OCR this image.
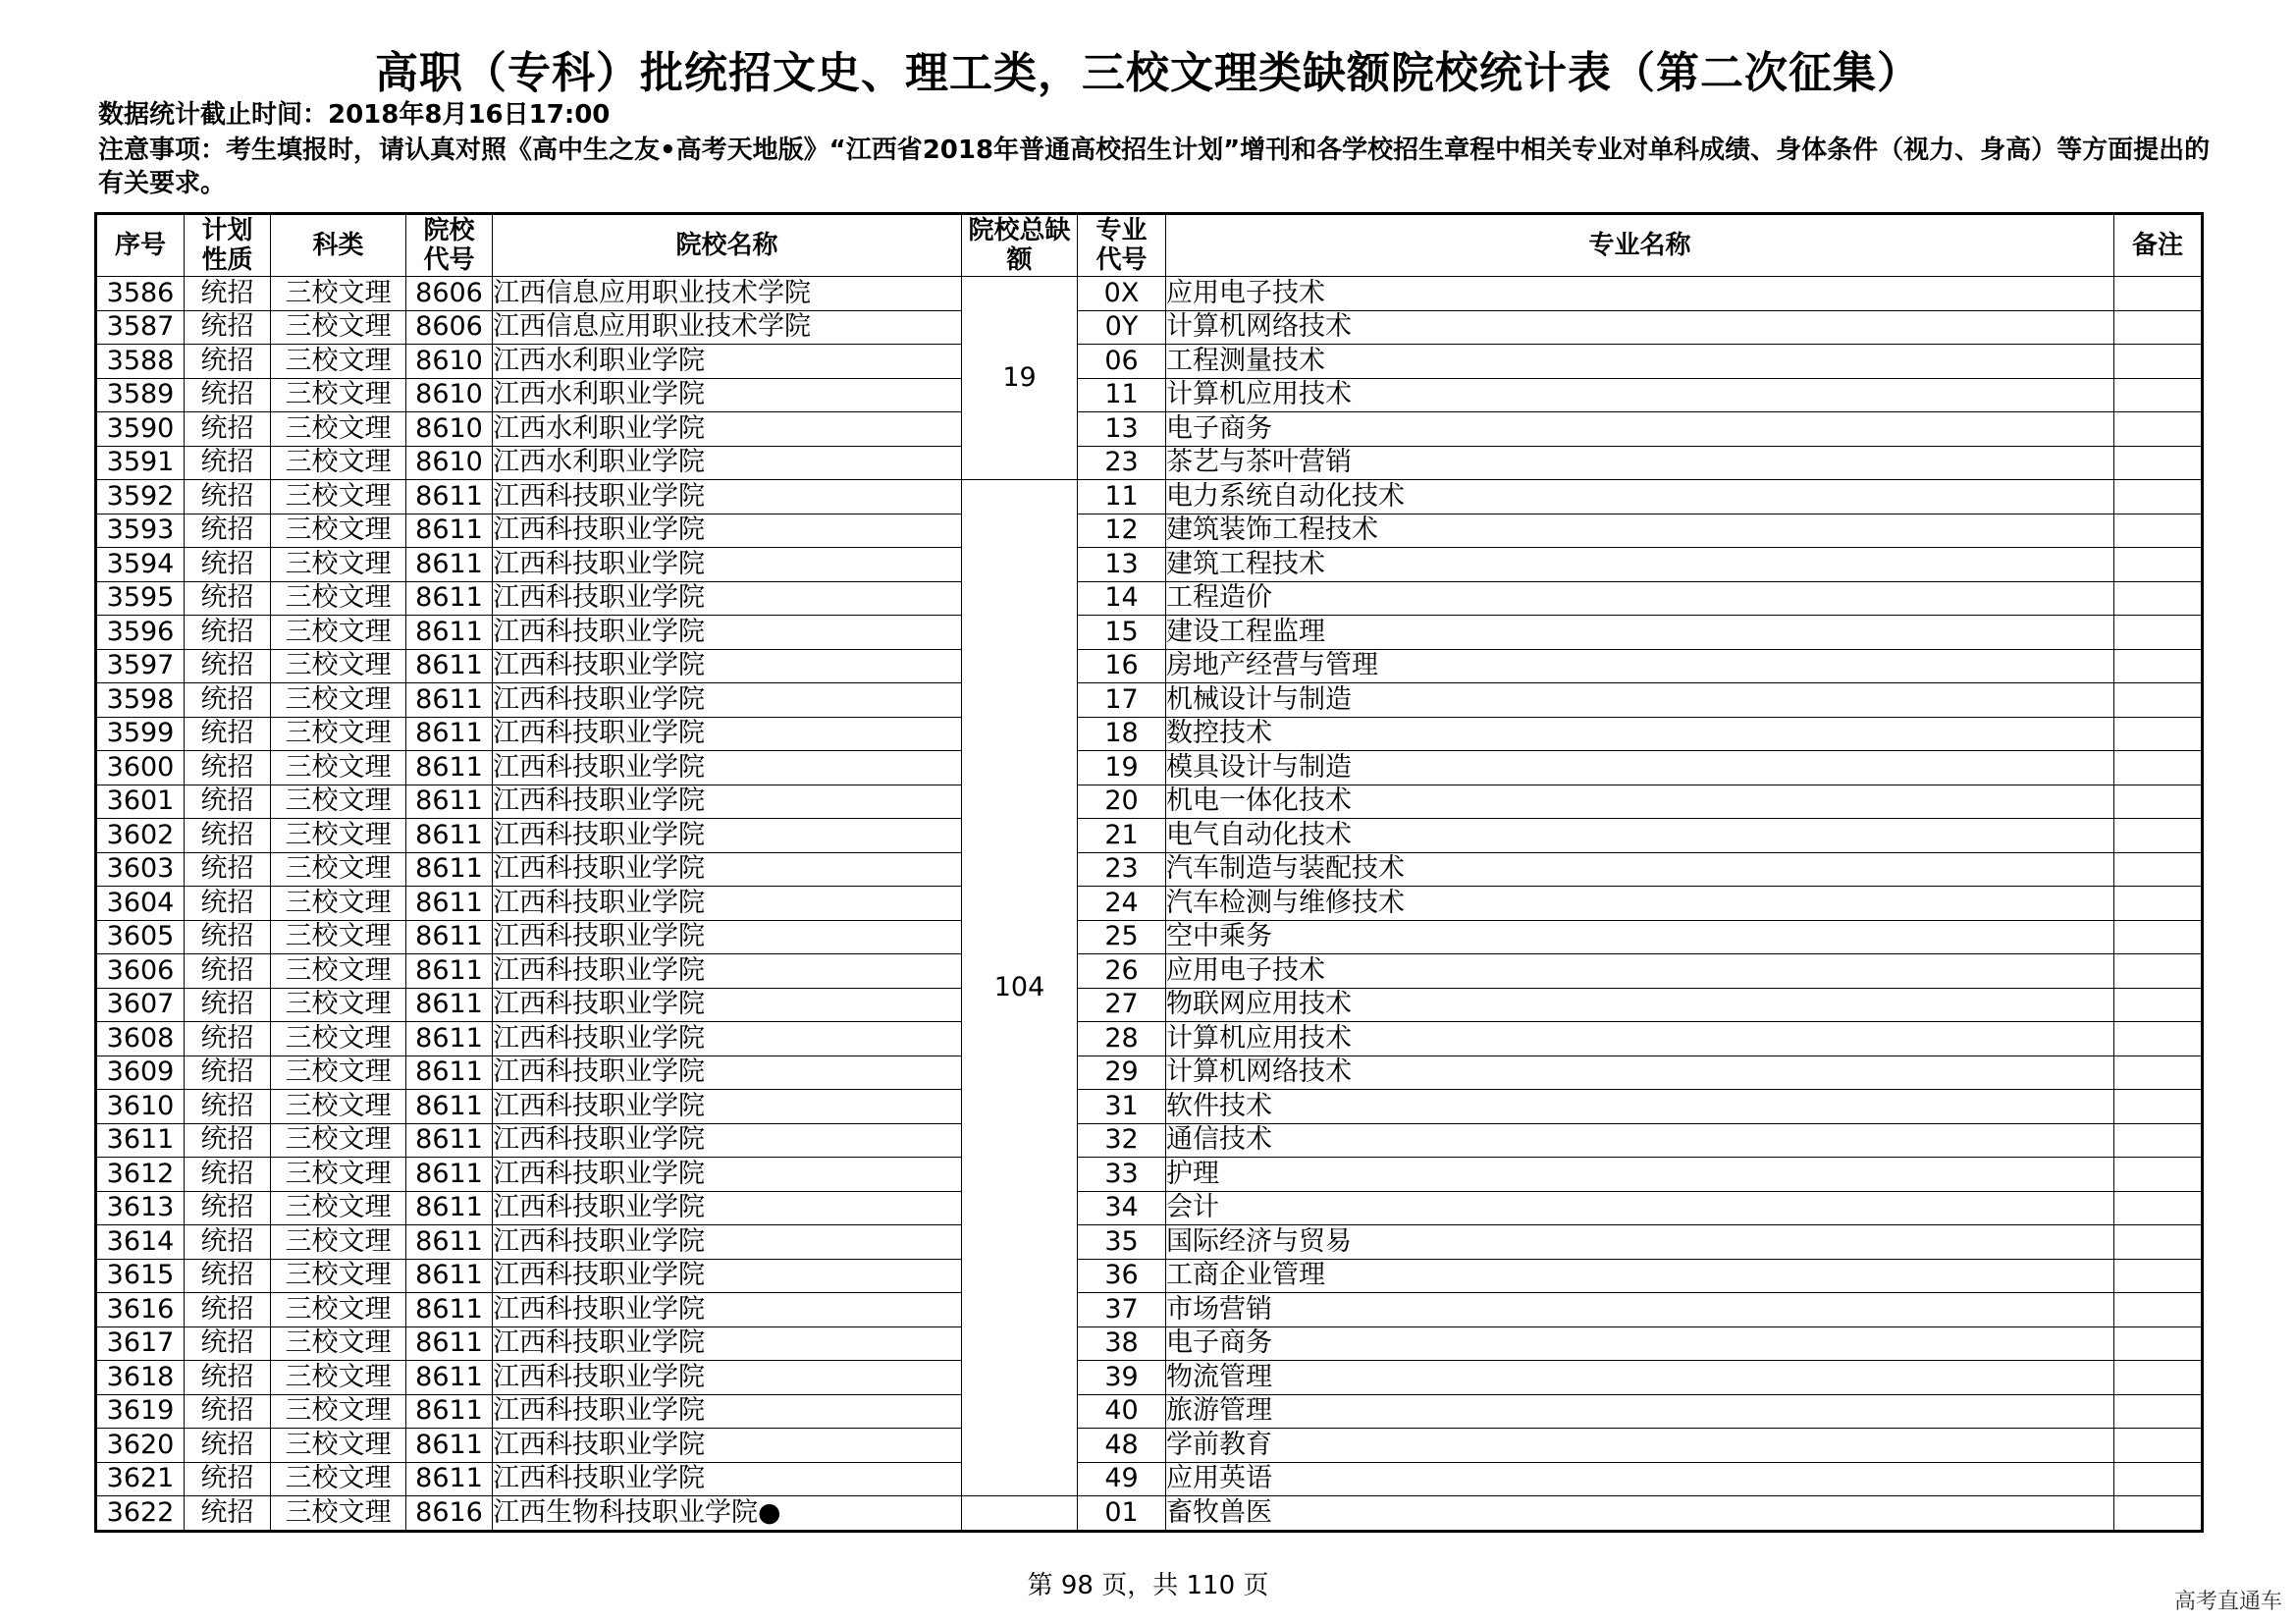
高职（专科）批统招文史、理工类，三校文理类缺额院校统计表（第二次征集）
数据统计截止时间：2018年8月16日17:00
注意事项：考生填报时，请认真对照《高中生之友•高考天地版》“江西省2018年普通高校招生计划”增刊和各学校招生章程中相关专业对单科成绩、身体条件（视力、身高）等方面提出的有关要求。
序号	计划性质	科类	院校代号	院校名称	院校总缺额	专业代号	专业名称	备注
3586	统招	三校文理	8606	江西信息应用职业技术学院	19	0X	应用电子技术	
3587	统招	三校文理	8606	江西信息应用职业技术学院		0Y	计算机网络技术	
3588	统招	三校文理	8610	江西水利职业学院		06	工程测量技术	
3589	统招	三校文理	8610	江西水利职业学院		11	计算机应用技术	
3590	统招	三校文理	8610	江西水利职业学院		13	电子商务	
3591	统招	三校文理	8610	江西水利职业学院		23	茶艺与茶叶营销	
3592	统招	三校文理	8611	江西科技职业学院	104	11	电力系统自动化技术	
3593	统招	三校文理	8611	江西科技职业学院		12	建筑装饰工程技术	
3594	统招	三校文理	8611	江西科技职业学院		13	建筑工程技术	
3595	统招	三校文理	8611	江西科技职业学院		14	工程造价	
3596	统招	三校文理	8611	江西科技职业学院		15	建设工程监理	
3597	统招	三校文理	8611	江西科技职业学院		16	房地产经营与管理	
3598	统招	三校文理	8611	江西科技职业学院		17	机械设计与制造	
3599	统招	三校文理	8611	江西科技职业学院		18	数控技术	
3600	统招	三校文理	8611	江西科技职业学院		19	模具设计与制造	
3601	统招	三校文理	8611	江西科技职业学院		20	机电一体化技术	
3602	统招	三校文理	8611	江西科技职业学院		21	电气自动化技术	
3603	统招	三校文理	8611	江西科技职业学院		23	汽车制造与装配技术	
3604	统招	三校文理	8611	江西科技职业学院		24	汽车检测与维修技术	
3605	统招	三校文理	8611	江西科技职业学院		25	空中乘务	
3606	统招	三校文理	8611	江西科技职业学院		26	应用电子技术	
3607	统招	三校文理	8611	江西科技职业学院		27	物联网应用技术	
3608	统招	三校文理	8611	江西科技职业学院		28	计算机应用技术	
3609	统招	三校文理	8611	江西科技职业学院		29	计算机网络技术	
3610	统招	三校文理	8611	江西科技职业学院		31	软件技术	
3611	统招	三校文理	8611	江西科技职业学院		32	通信技术	
3612	统招	三校文理	8611	江西科技职业学院		33	护理	
3613	统招	三校文理	8611	江西科技职业学院		34	会计	
3614	统招	三校文理	8611	江西科技职业学院		35	国际经济与贸易	
3615	统招	三校文理	8611	江西科技职业学院		36	工商企业管理	
3616	统招	三校文理	8611	江西科技职业学院		37	市场营销	
3617	统招	三校文理	8611	江西科技职业学院		38	电子商务	
3618	统招	三校文理	8611	江西科技职业学院		39	物流管理	
3619	统招	三校文理	8611	江西科技职业学院		40	旅游管理	
3620	统招	三校文理	8611	江西科技职业学院		48	学前教育	
3621	统招	三校文理	8611	江西科技职业学院		49	应用英语	
3622	统招	三校文理	8616	江西生物科技职业学院●		01	畜牧兽医	
第 98 页，共 110 页
高考直通车
